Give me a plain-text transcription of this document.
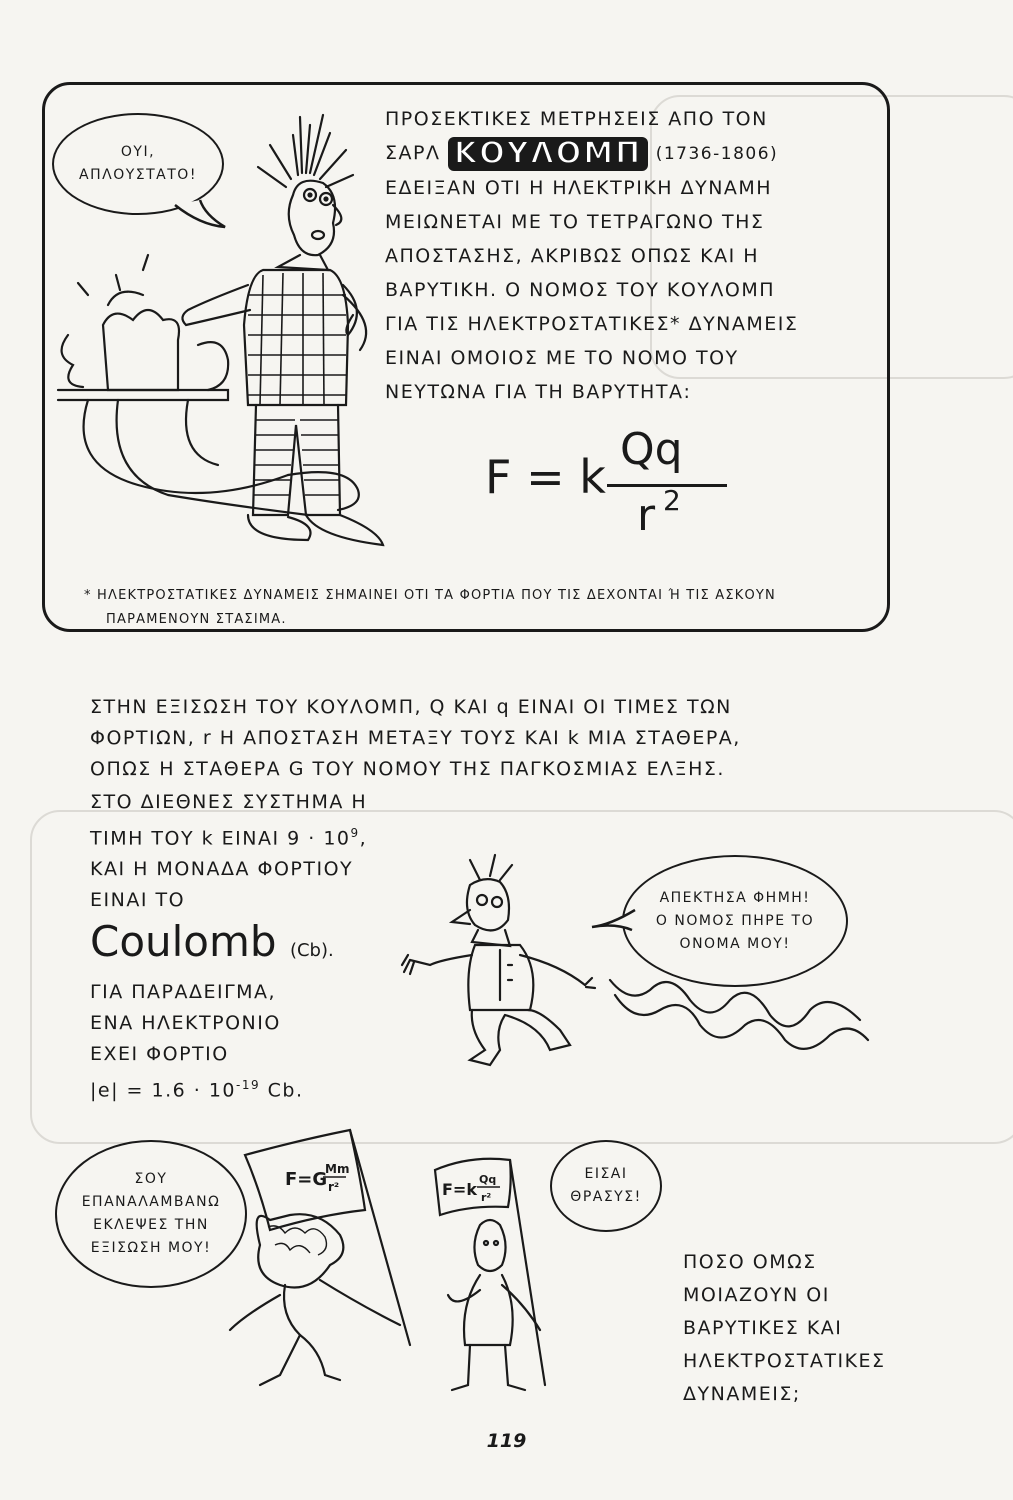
ΟΥΙ,
ΑΠΛΟΥΣΤΑΤΟ!
ΠΡΟΣΕΚΤΙΚΕΣ ΜΕΤΡΗΣΕΙΣ ΑΠΟ ΤΟΝ
ΣΑΡΛ ΚΟΥΛΟΜΠ (1736-1806)
ΕΔΕΙΞΑΝ ΟΤΙ Η ΗΛΕΚΤΡΙΚΗ ΔΥΝΑΜΗ
ΜΕΙΩΝΕΤΑΙ ΜΕ ΤΟ ΤΕΤΡΑΓΩΝΟ ΤΗΣ
ΑΠΟΣΤΑΣΗΣ, ΑΚΡΙΒΩΣ ΟΠΩΣ ΚΑΙ Η
ΒΑΡΥΤΙΚΗ. Ο ΝΟΜΟΣ ΤΟΥ ΚΟΥΛΟΜΠ
ΓΙΑ ΤΙΣ ΗΛΕΚΤΡΟΣΤΑΤΙΚΕΣ* ΔΥΝΑΜΕΙΣ
ΕΙΝΑΙ ΟΜΟΙΟΣ ΜΕ ΤΟ ΝΟΜΟ ΤΟΥ
ΝΕΥΤΩΝΑ ΓΙΑ ΤΗ ΒΑΡΥΤΗΤΑ:
F = k
Qq
r 2
* ΗΛΕΚΤΡΟΣΤΑΤΙΚΕΣ ΔΥΝΑΜΕΙΣ ΣΗΜΑΙΝΕΙ ΟΤΙ ΤΑ ΦΟΡΤΙΑ ΠΟΥ ΤΙΣ ΔΕΧΟΝΤΑΙ Ή ΤΙΣ ΑΣΚΟΥΝ
ΠΑΡΑΜΕΝΟΥΝ ΣΤΑΣΙΜΑ.
ΣΤΗΝ ΕΞΙΣΩΣΗ ΤΟΥ ΚΟΥΛΟΜΠ, Q ΚΑΙ q ΕΙΝΑΙ ΟΙ ΤΙΜΕΣ ΤΩΝ
ΦΟΡΤΙΩΝ, r Η ΑΠΟΣΤΑΣΗ ΜΕΤΑΞΥ ΤΟΥΣ ΚΑΙ k ΜΙΑ ΣΤΑΘΕΡΑ,
ΟΠΩΣ Η ΣΤΑΘΕΡΑ G ΤΟΥ ΝΟΜΟΥ ΤΗΣ ΠΑΓΚΟΣΜΙΑΣ ΕΛΞΗΣ.
ΣΤΟ ΔΙΕΘΝΕΣ ΣΥΣΤΗΜΑ Η
ΤΙΜΗ ΤΟΥ k ΕΙΝΑΙ $9 \cdot 10^9$,
ΚΑΙ Η ΜΟΝΑΔΑ ΦΟΡΤΙΟΥ
ΕΙΝΑΙ ΤΟ
Coulomb (Cb).
ΓΙΑ ΠΑΡΑΔΕΙΓΜΑ,
ΕΝΑ ΗΛΕΚΤΡΟΝΙΟ
ΕΧΕΙ ΦΟΡΤΙΟ
$|e| = 1.6 \cdot 10^{-19}$ Cb.
ΑΠΕΚΤΗΣΑ ΦΗΜΗ!
Ο ΝΟΜΟΣ ΠΗΡΕ ΤΟ
ΟΝΟΜΑ ΜΟΥ!
F=G
Mm
r²	F=k
Qq
r²
ΣΟΥ
ΕΠΑΝΑΛΑΜΒΑΝΩ
ΕΚΛΕΨΕΣ ΤΗΝ
ΕΞΙΣΩΣΗ ΜΟΥ!
ΕΙΣΑΙ
ΘΡΑΣΥΣ!
ΠΟΣΟ ΟΜΩΣ
ΜΟΙΑΖΟΥΝ ΟΙ
ΒΑΡΥΤΙΚΕΣ ΚΑΙ
ΗΛΕΚΤΡΟΣΤΑΤΙΚΕΣ
ΔΥΝΑΜΕΙΣ;
119
